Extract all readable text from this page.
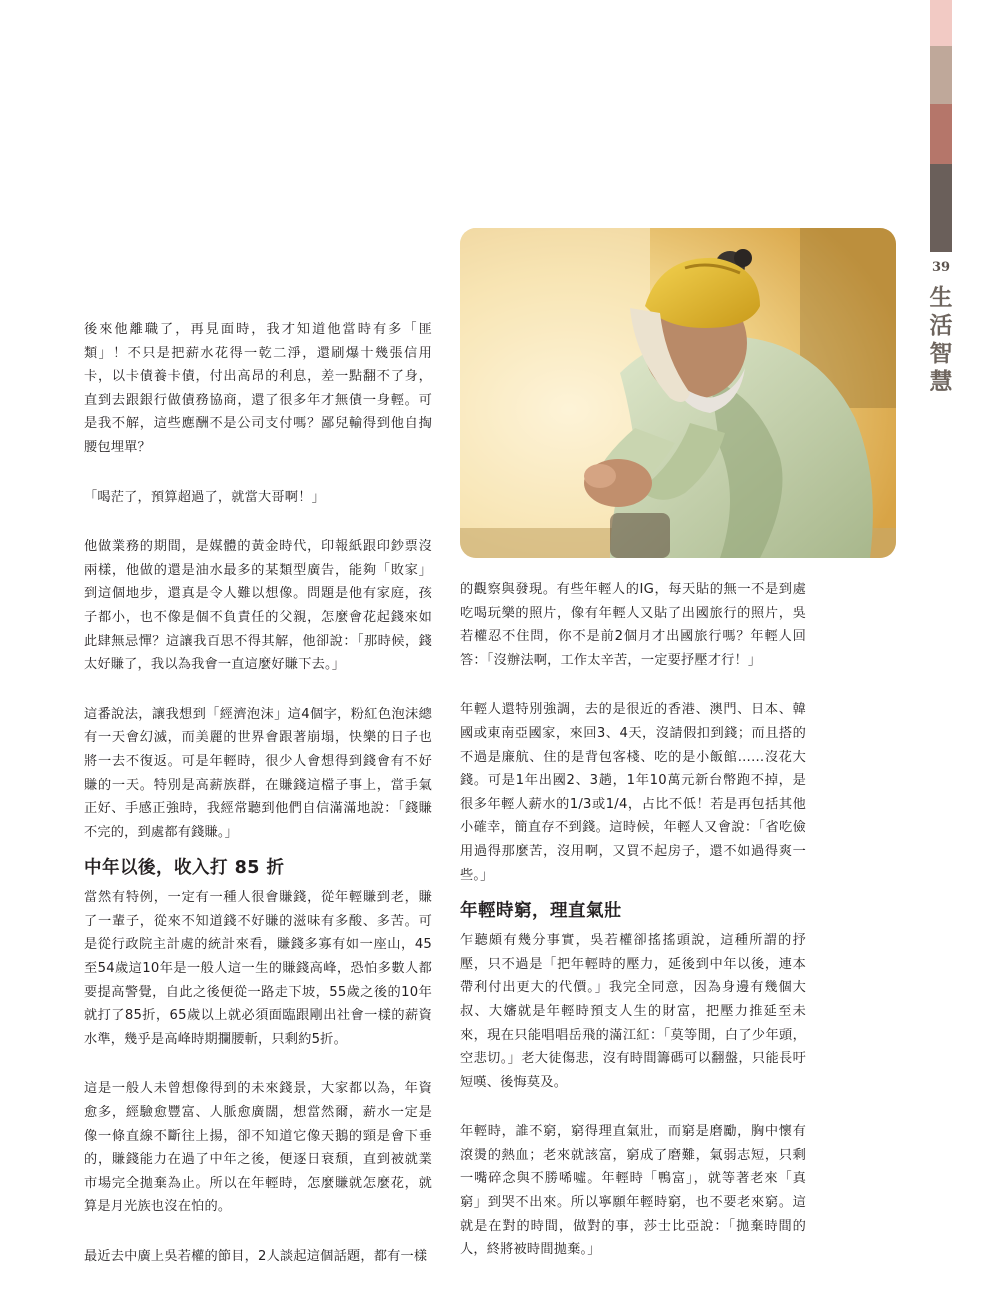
39
生
活
智
慧

後來他離職了，再見面時，我才知道他當時有多「匪類」！不只是把薪水花得一乾二淨，還刷爆十幾張信用卡，以卡債養卡債，付出高昂的利息，差一點翻不了身，直到去跟銀行做債務協商，還了很多年才無債一身輕。可是我不解，這些應酬不是公司支付嗎？鄙兒輸得到他自掏腰包埋單？

「喝茫了，預算超過了，就當大哥啊！」

他做業務的期間，是媒體的黃金時代，印報紙跟印鈔票沒兩樣，他做的還是油水最多的某類型廣告，能夠「敗家」到這個地步，還真是令人難以想像。問題是他有家庭，孩子都小，也不像是個不負責任的父親，怎麼會花起錢來如此肆無忌憚？這讓我百思不得其解，他卻說：「那時候，錢太好賺了，我以為我會一直這麼好賺下去。」

這番說法，讓我想到「經濟泡沫」這4個字，粉紅色泡沫總有一天會幻滅，而美麗的世界會跟著崩塌，快樂的日子也將一去不復返。可是年輕時，很少人會想得到錢會有不好賺的一天。特別是高薪族群，在賺錢這檔子事上，當手氣正好、手感正強時，我經常聽到他們自信滿滿地說：「錢賺不完的，到處都有錢賺。」

中年以後，收入打 85 折

當然有特例，一定有一種人很會賺錢，從年輕賺到老，賺了一輩子，從來不知道錢不好賺的滋味有多酸、多苦。可是從行政院主計處的統計來看，賺錢多寡有如一座山，45至54歲這10年是一般人這一生的賺錢高峰，恐怕多數人都要提高警覺，自此之後便從一路走下坡，55歲之後的10年就打了85折，65歲以上就必須面臨跟剛出社會一樣的薪資水準，幾乎是高峰時期攔腰斬，只剩約5折。

這是一般人未曾想像得到的未來錢景，大家都以為，年資愈多，經驗愈豐富、人脈愈廣闊，想當然爾，薪水一定是像一條直線不斷往上揚，卻不知道它像天鵝的頸是會下垂的，賺錢能力在過了中年之後，便逐日衰頹，直到被就業市場完全拋棄為止。所以在年輕時，怎麼賺就怎麼花，就算是月光族也沒在怕的。

最近去中廣上吳若權的節目，2人談起這個話題，都有一樣

的觀察與發現。有些年輕人的IG，每天貼的無一不是到處吃喝玩樂的照片，像有年輕人又貼了出國旅行的照片，吳若權忍不住問，你不是前2個月才出國旅行嗎？年輕人回答：「沒辦法啊，工作太辛苦，一定要抒壓才行！」

年輕人還特別強調，去的是很近的香港、澳門、日本、韓國或東南亞國家，來回3、4天，沒請假扣到錢；而且搭的不過是廉航、住的是背包客棧、吃的是小飯館……沒花大錢。可是1年出國2、3趟，1年10萬元新台幣跑不掉，是很多年輕人薪水的1/3或1/4，占比不低！若是再包括其他小確幸，簡直存不到錢。這時候，年輕人又會說：「省吃儉用過得那麼苦，沒用啊，又買不起房子，還不如過得爽一些。」

年輕時窮，理直氣壯

乍聽頗有幾分事實，吳若權卻搖搖頭說，這種所謂的抒壓，只不過是「把年輕時的壓力，延後到中年以後，連本帶利付出更大的代價。」我完全同意，因為身邊有幾個大叔、大嬸就是年輕時預支人生的財富，把壓力推延至未來，現在只能唱唱岳飛的滿江紅：「莫等閒，白了少年頭，空悲切。」老大徒傷悲，沒有時間籌碼可以翻盤，只能長吁短嘆、後悔莫及。

年輕時，誰不窮，窮得理直氣壯，而窮是磨勵，胸中懷有滾燙的熱血；老來就該富，窮成了磨難，氣弱志短，只剩一嘴碎念與不勝唏噓。年輕時「鴨富」，就等著老來「真窮」到哭不出來。所以寧願年輕時窮，也不要老來窮。這就是在對的時間，做對的事，莎士比亞說：「拋棄時間的人，終將被時間拋棄。」
